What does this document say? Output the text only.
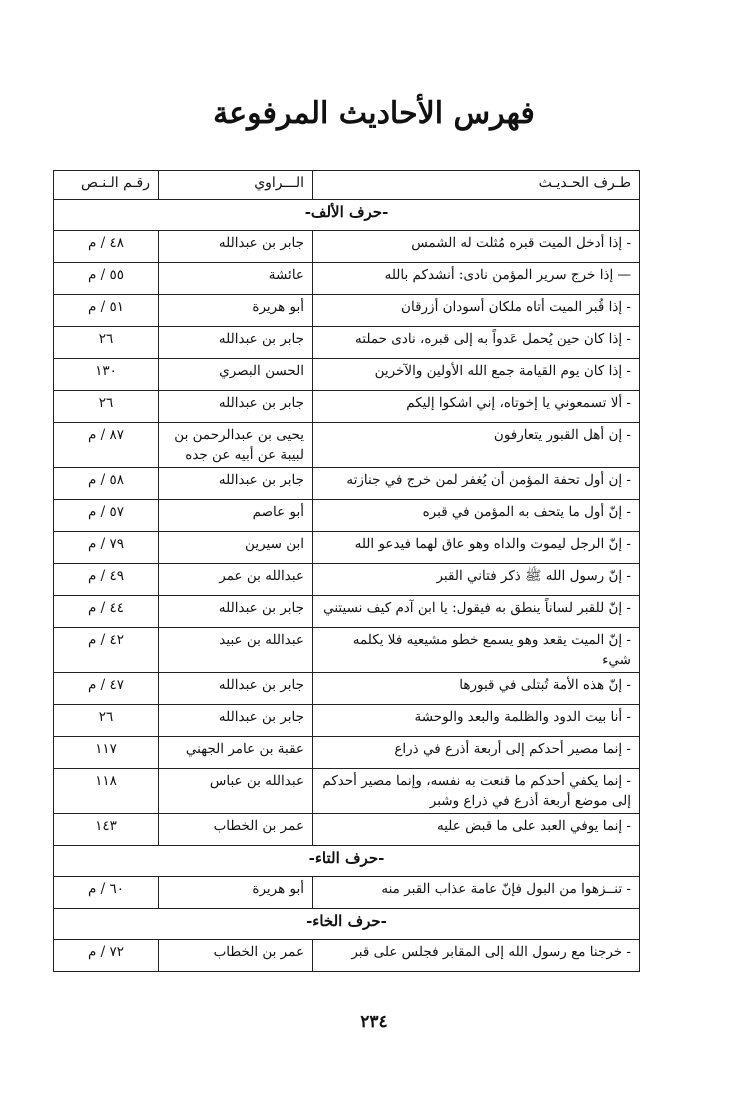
فهرس الأحاديث المرفوعة
طـرف الحـديـث	الـــراوي	رقـم الـنـص
-حرف الألف-		
- إذا أدخل الميت قبره مُثلت له الشمس	جابر بن عبدالله	٤٨ / م
— إذا خرج سرير المؤمن نادى: أنشدكم بالله	عائشة	٥٥ / م
- إذا قُبر الميت أتاه ملكان أسودان أزرقان	أبو هريرة	٥١ / م
- إذا كان حين يُحمل عَدواً به إلى قبره، نادى حملته	جابر بن عبدالله	٢٦
- إذا كان يوم القيامة جمع الله الأولين والآخرين	الحسن البصري	١٣٠
- ألا تسمعوني يا إخوتاه، إني اشكوا إليكم	جابر بن عبدالله	٢٦
- إن أهل القبور يتعارفون	يحيى بن عبدالرحمن بن لبيبة عن أبيه عن جده	٨٧ / م
- إن أول تحفة المؤمن أن يُغفر لمن خرج في جنازته	جابر بن عبدالله	٥٨ / م
- إنّ أول ما يتحف به المؤمن في قبره	أبو عاصم	٥٧ / م
- إنّ الرجل ليموت والداه وهو عاق لهما فيدعو الله	ابن سيرين	٧٩ / م
- إنّ رسول الله ﷺ ذكر فتاني القبر	عبدالله بن عمر	٤٩ / م
- إنّ للقبر لساناً ينطق به فيقول: يا ابن آدم كيف نسيتني	جابر بن عبدالله	٤٤ / م
- إنّ الميت يقعد وهو يسمع خطو مشيعيه فلا يكلمه شيء	عبدالله بن عبيد	٤٢ / م
- إنّ هذه الأمة تُبتلى في قبورها	جابر بن عبدالله	٤٧ / م
- أنا بيت الدود والظلمة والبعد والوحشة	جابر بن عبدالله	٢٦
- إنما مصير أحدكم إلى أربعة أذرع في ذراع	عقبة بن عامر الجهني	١١٧
- إنما يكفي أحدكم ما قنعت به نفسه، وإنما مصير أحدكم إلى موضع أربعة أذرع في ذراع وشبر	عبدالله بن عباس	١١٨
- إنما يوفي العبد على ما قبض عليه	عمر بن الخطاب	١٤٣
-حرف التاء-		
- تنــزهوا من البول فإنّ عامة عذاب القبر منه	أبو هريرة	٦٠ / م
-حرف الخاء-		
- خرجنا مع رسول الله إلى المقابر فجلس على قبر	عمر بن الخطاب	٧٢ / م
٢٣٤
